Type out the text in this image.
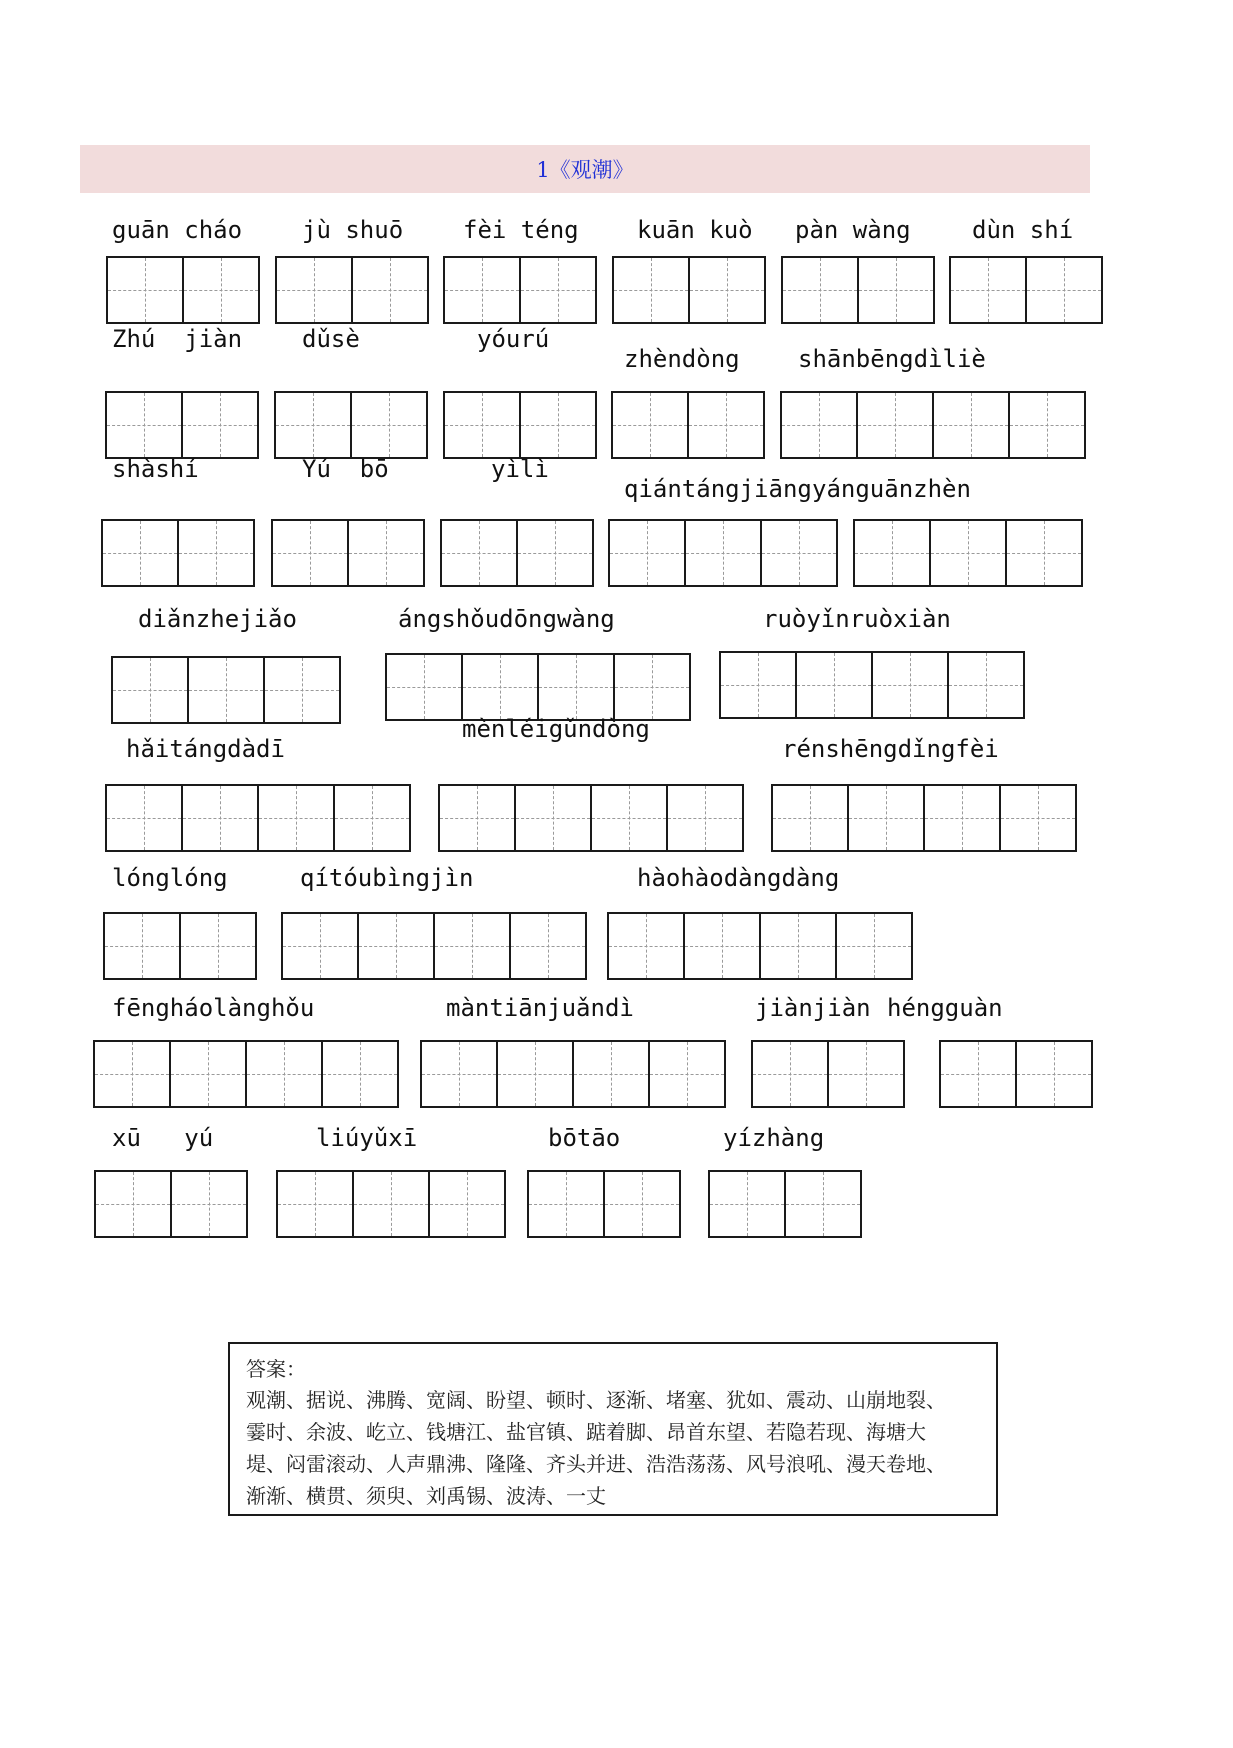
1《观潮》
guān cháo jù shuō fèi téng kuān kuò pàn wàng	dùn shí
Zhú  jiàn dǔsè	yóurú
zhèndòng shānbēngdìliè
shàshí	Yú  bō	yìlì
qiántángjiāng yánguānzhèn
diǎnzhejiǎo	ángshǒudōngwàng	ruòyǐnruòxiàn
hǎitángdàdī
mènléigǔndòng
rénshēngdǐngfèi
lónglóng	qítóubìngjìn	hàohàodàngdàng
fēngháolànghǒu	màntiānjuǎndì	jiànjiàn héngguàn
xū   yú	liúyǔxī	bōtāo	yízhàng
答案：
观潮、据说、沸腾、宽阔、盼望、顿时、逐渐、堵塞、犹如、震动、山崩地裂、
霎时、余波、屹立、钱塘江、盐官镇、踮着脚、昂首东望、若隐若现、海塘大
堤、闷雷滚动、人声鼎沸、隆隆、齐头并进、浩浩荡荡、风号浪吼、漫天卷地、
渐渐、横贯、须臾、刘禹锡、波涛、一丈
